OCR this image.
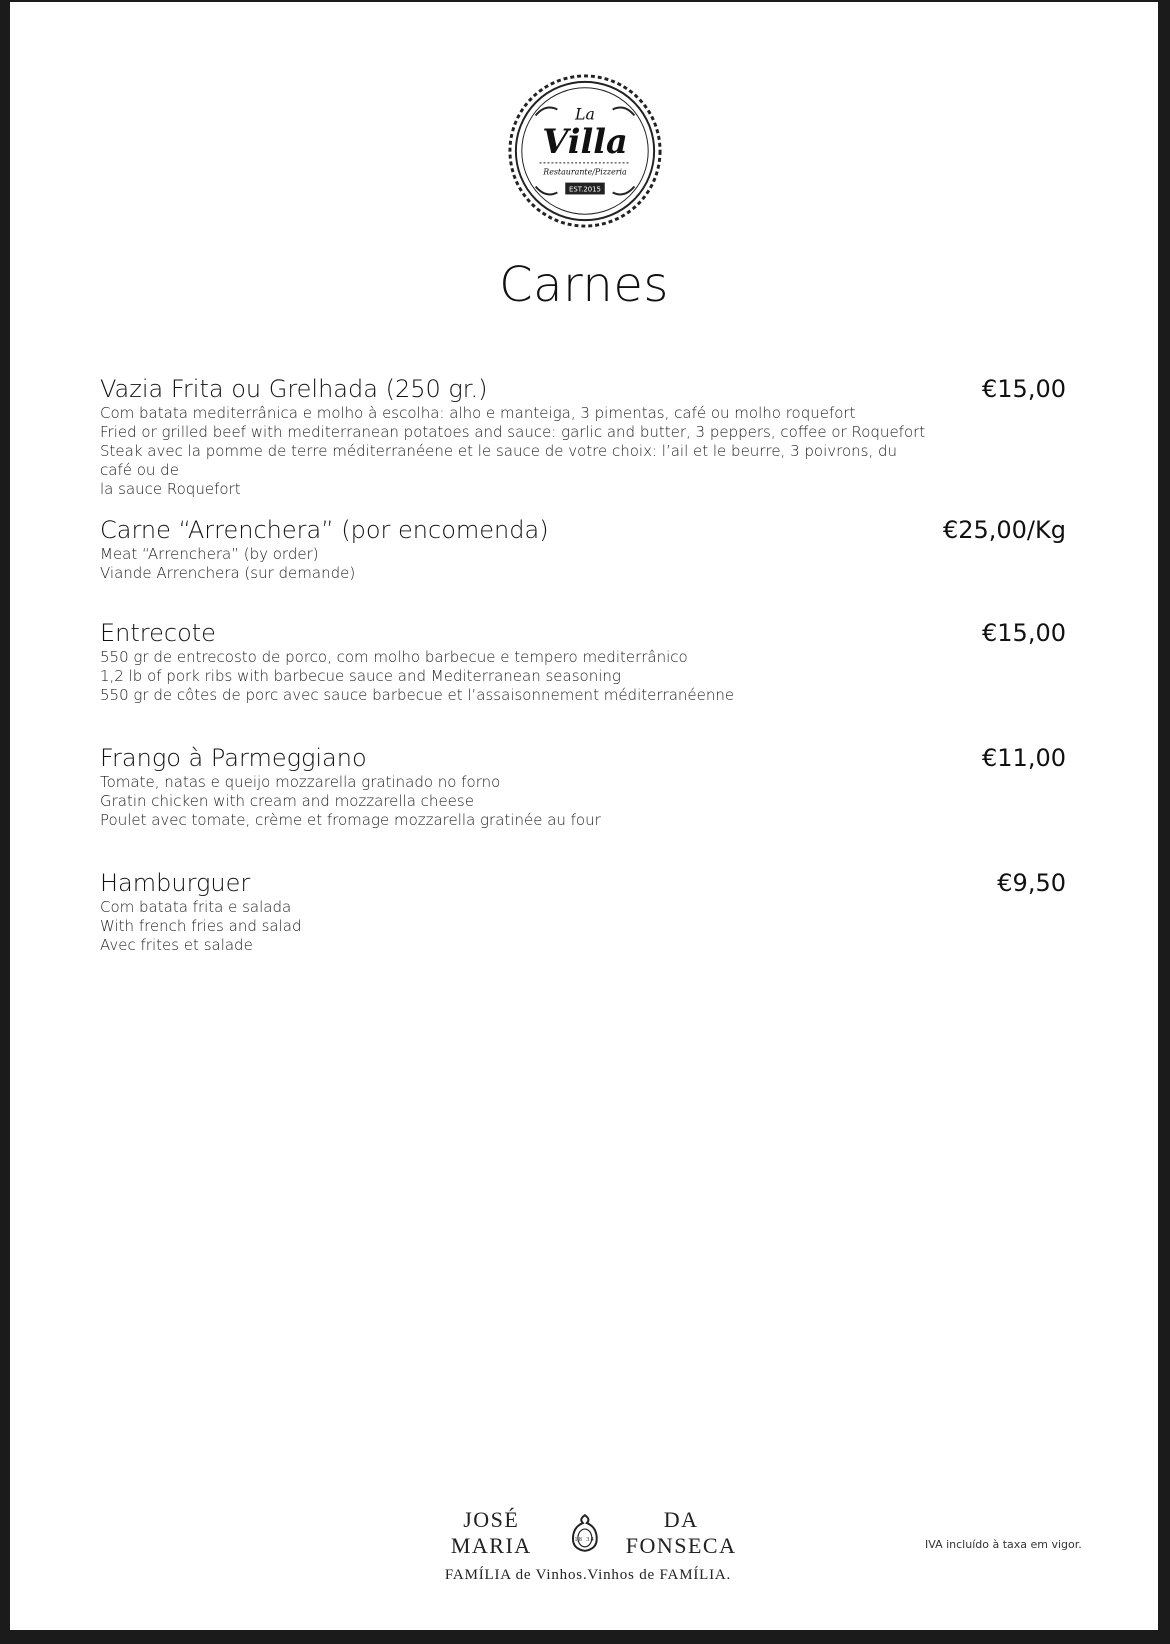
La
Villa
Restaurante/Pizzeria
EST.2015
Carnes
Vazia Frita ou Grelhada (250 gr.)	€15,00
Com batata mediterrânica e molho à escolha: alho e manteiga, 3 pimentas, café ou molho roquefort
Fried or grilled beef with mediterranean potatoes and sauce: garlic and butter, 3 peppers, coffee or Roquefort
Steak avec la pomme de terre méditerranéene et le sauce de votre choix: l’ail et le beurre, 3 poivrons, du café ou de
la sauce Roquefort
Carne “Arrenchera” (por encomenda)	€25,00/Kg
Meat “Arrenchera” (by order)
Viande Arrenchera (sur demande)
Entrecote	€15,00
550 gr de entrecosto de porco, com molho barbecue e tempero mediterrânico
1,2 lb of pork ribs with barbecue sauce and Mediterranean seasoning
550 gr de côtes de porc avec sauce barbecue et l’assaisonnement méditerranéenne
Frango à Parmeggiano	€11,00
Tomate, natas e queijo mozzarella gratinado no forno
Gratin chicken with cream and mozzarella cheese
Poulet avec tomate, crème et fromage mozzarella gratinée au four
Hamburguer	€9,50
Com batata frita e salada
With french fries and salad
Avec frites et salade
JOSÉ MARIA	18 34
DA FONSECA
FAMÍLIA de Vinhos.Vinhos de FAMÍLIA.
IVA incluído à taxa em vigor.
